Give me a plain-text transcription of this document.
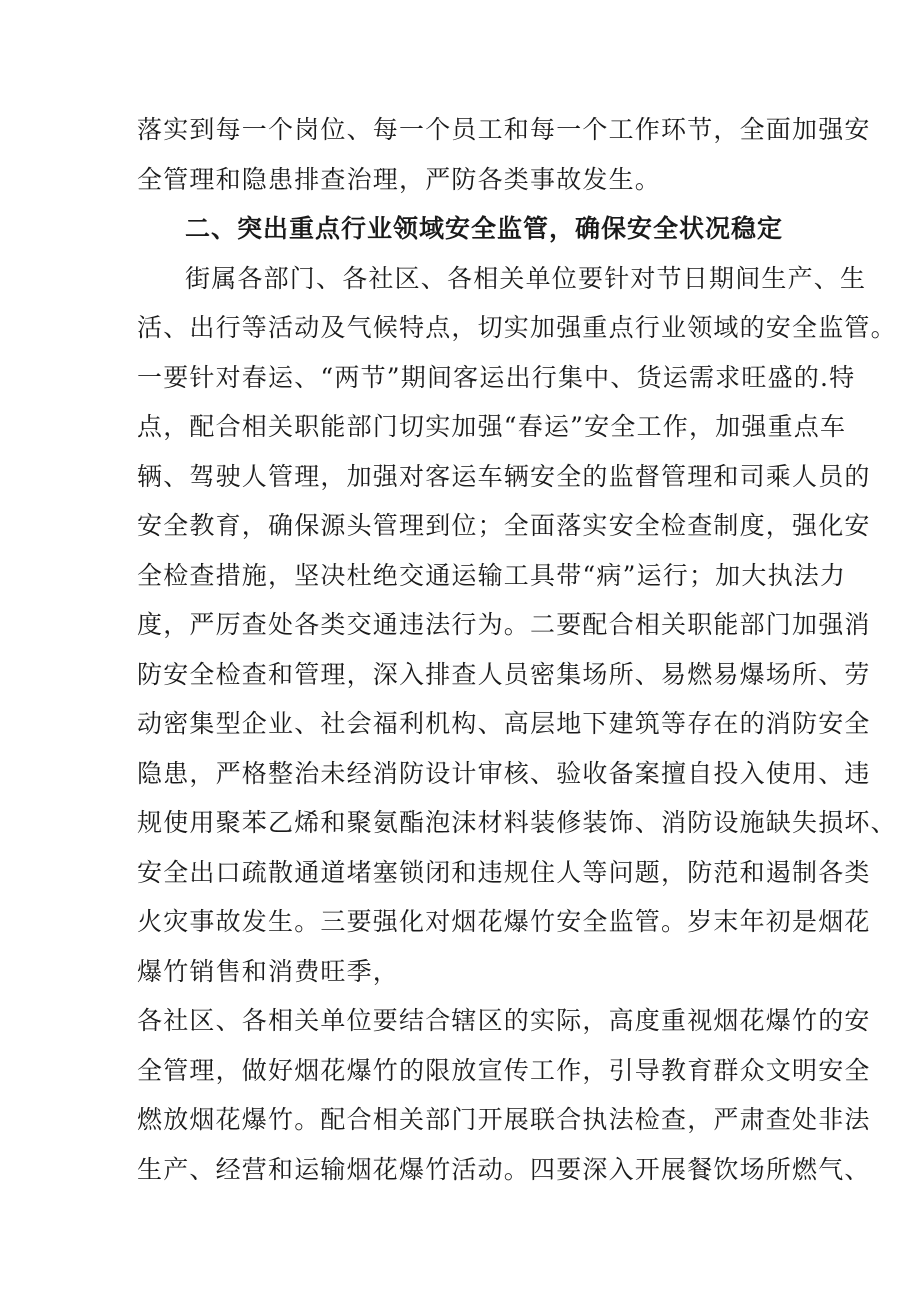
落实到每一个岗位、每一个员工和每一个工作环节，全面加强安
全管理和隐患排查治理，严防各类事故发生。
二、突出重点行业领域安全监管，确保安全状况稳定
街属各部门、各社区、各相关单位要针对节日期间生产、生
活、出行等活动及气候特点，切实加强重点行业领域的安全监管。
一要针对春运、“两节”期间客运出行集中、货运需求旺盛的.特
点，配合相关职能部门切实加强“春运”安全工作，加强重点车
辆、驾驶人管理，加强对客运车辆安全的监督管理和司乘人员的
安全教育，确保源头管理到位；全面落实安全检查制度，强化安
全检查措施，坚决杜绝交通运输工具带“病”运行；加大执法力
度，严厉查处各类交通违法行为。二要配合相关职能部门加强消
防安全检查和管理，深入排查人员密集场所、易燃易爆场所、劳
动密集型企业、社会福利机构、高层地下建筑等存在的消防安全
隐患，严格整治未经消防设计审核、验收备案擅自投入使用、违
规使用聚苯乙烯和聚氨酯泡沫材料装修装饰、消防设施缺失损坏、
安全出口疏散通道堵塞锁闭和违规住人等问题，防范和遏制各类
火灾事故发生。三要强化对烟花爆竹安全监管。岁末年初是烟花
爆竹销售和消费旺季，
各社区、各相关单位要结合辖区的实际，高度重视烟花爆竹的安
全管理，做好烟花爆竹的限放宣传工作，引导教育群众文明安全
燃放烟花爆竹。配合相关部门开展联合执法检查，严肃查处非法
生产、经营和运输烟花爆竹活动。四要深入开展餐饮场所燃气、
